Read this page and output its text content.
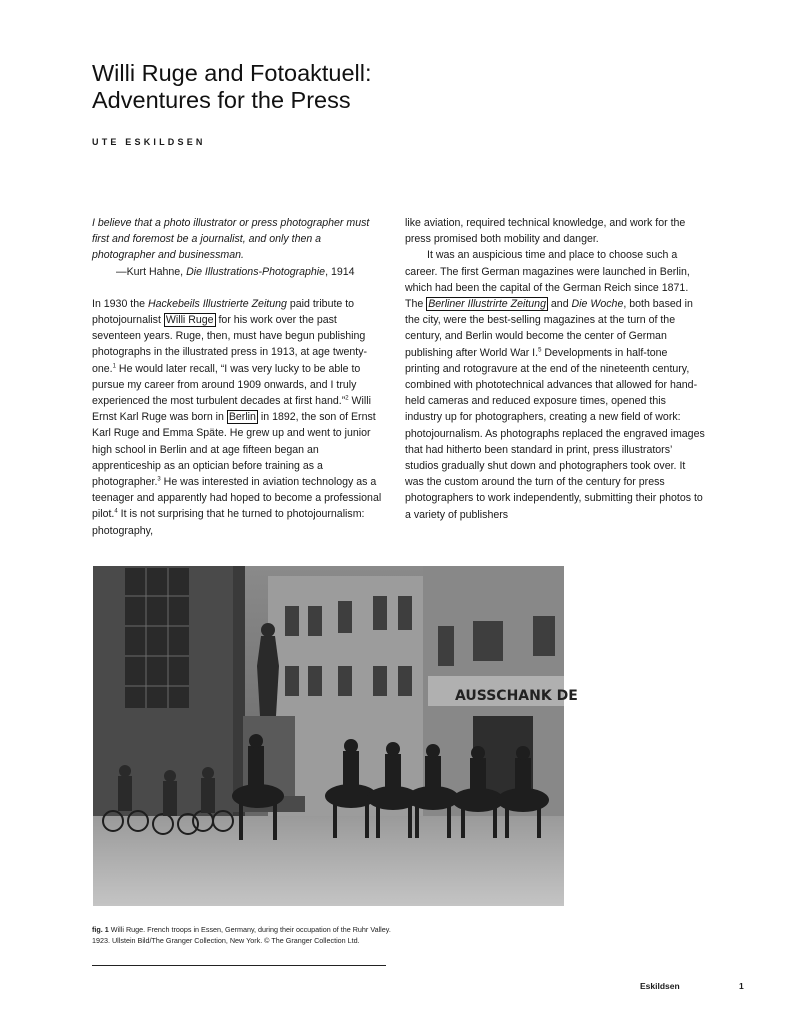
Willi Ruge and Fotoaktuell:
Adventures for the Press
UTE ESKILDSEN

I believe that a photo illustrator or press photographer must first and foremost be a journalist, and only then a photographer and businessman.

—Kurt Hahne, Die Illustrations-Photographie, 1914

In 1930 the Hackebeils Illustrierte Zeitung paid tribute to photojournalist Willi Ruge for his work over the past seventeen years. Ruge, then, must have begun publishing photographs in the illustrated press in 1913, at age twenty-one.$^1$ He would later recall, “I was very lucky to be able to pursue my career from around 1909 onwards, and I truly experienced the most turbulent decades at first hand.”$^2$ Willi Ernst Karl Ruge was born in Berlin in 1892, the son of Ernst Karl Ruge and Emma Späte. He grew up and went to junior high school in Berlin and at age fifteen began an apprenticeship as an optician before training as a photographer.$^3$ He was interested in aviation technology as a teenager and apparently had hoped to become a professional pilot.$^4$ It is not surprising that he turned to photojournalism: photography,

like aviation, required technical knowledge, and work for the press promised both mobility and danger.

It was an auspicious time and place to choose such a career. The first German magazines were launched in Berlin, which had been the capital of the German Reich since 1871. The Berliner Illustrirte Zeitung and Die Woche, both based in the city, were the best-selling magazines at the turn of the century, and Berlin would become the center of German publishing after World War I.$^5$ Developments in half-tone printing and rotogravure at the end of the nineteenth century, combined with phototechnical advances that allowed for hand-held cameras and reduced exposure times, opened this industry up for photographers, creating a new field of work: photojournalism. As photographs replaced the engraved images that had hitherto been standard in print, press illustrators’ studios gradually shut down and photographers took over. It was the custom around the turn of the century for press photographers to work independently, submitting their photos to a variety of publishers

AUSSCHANK DE
fig. 1 Willi Ruge. French troops in Essen, Germany, during their occupation of the Ruhr Valley. 1923. Ullstein Bild/The Granger Collection, New York. © The Granger Collection Ltd.
Eskildsen	1
